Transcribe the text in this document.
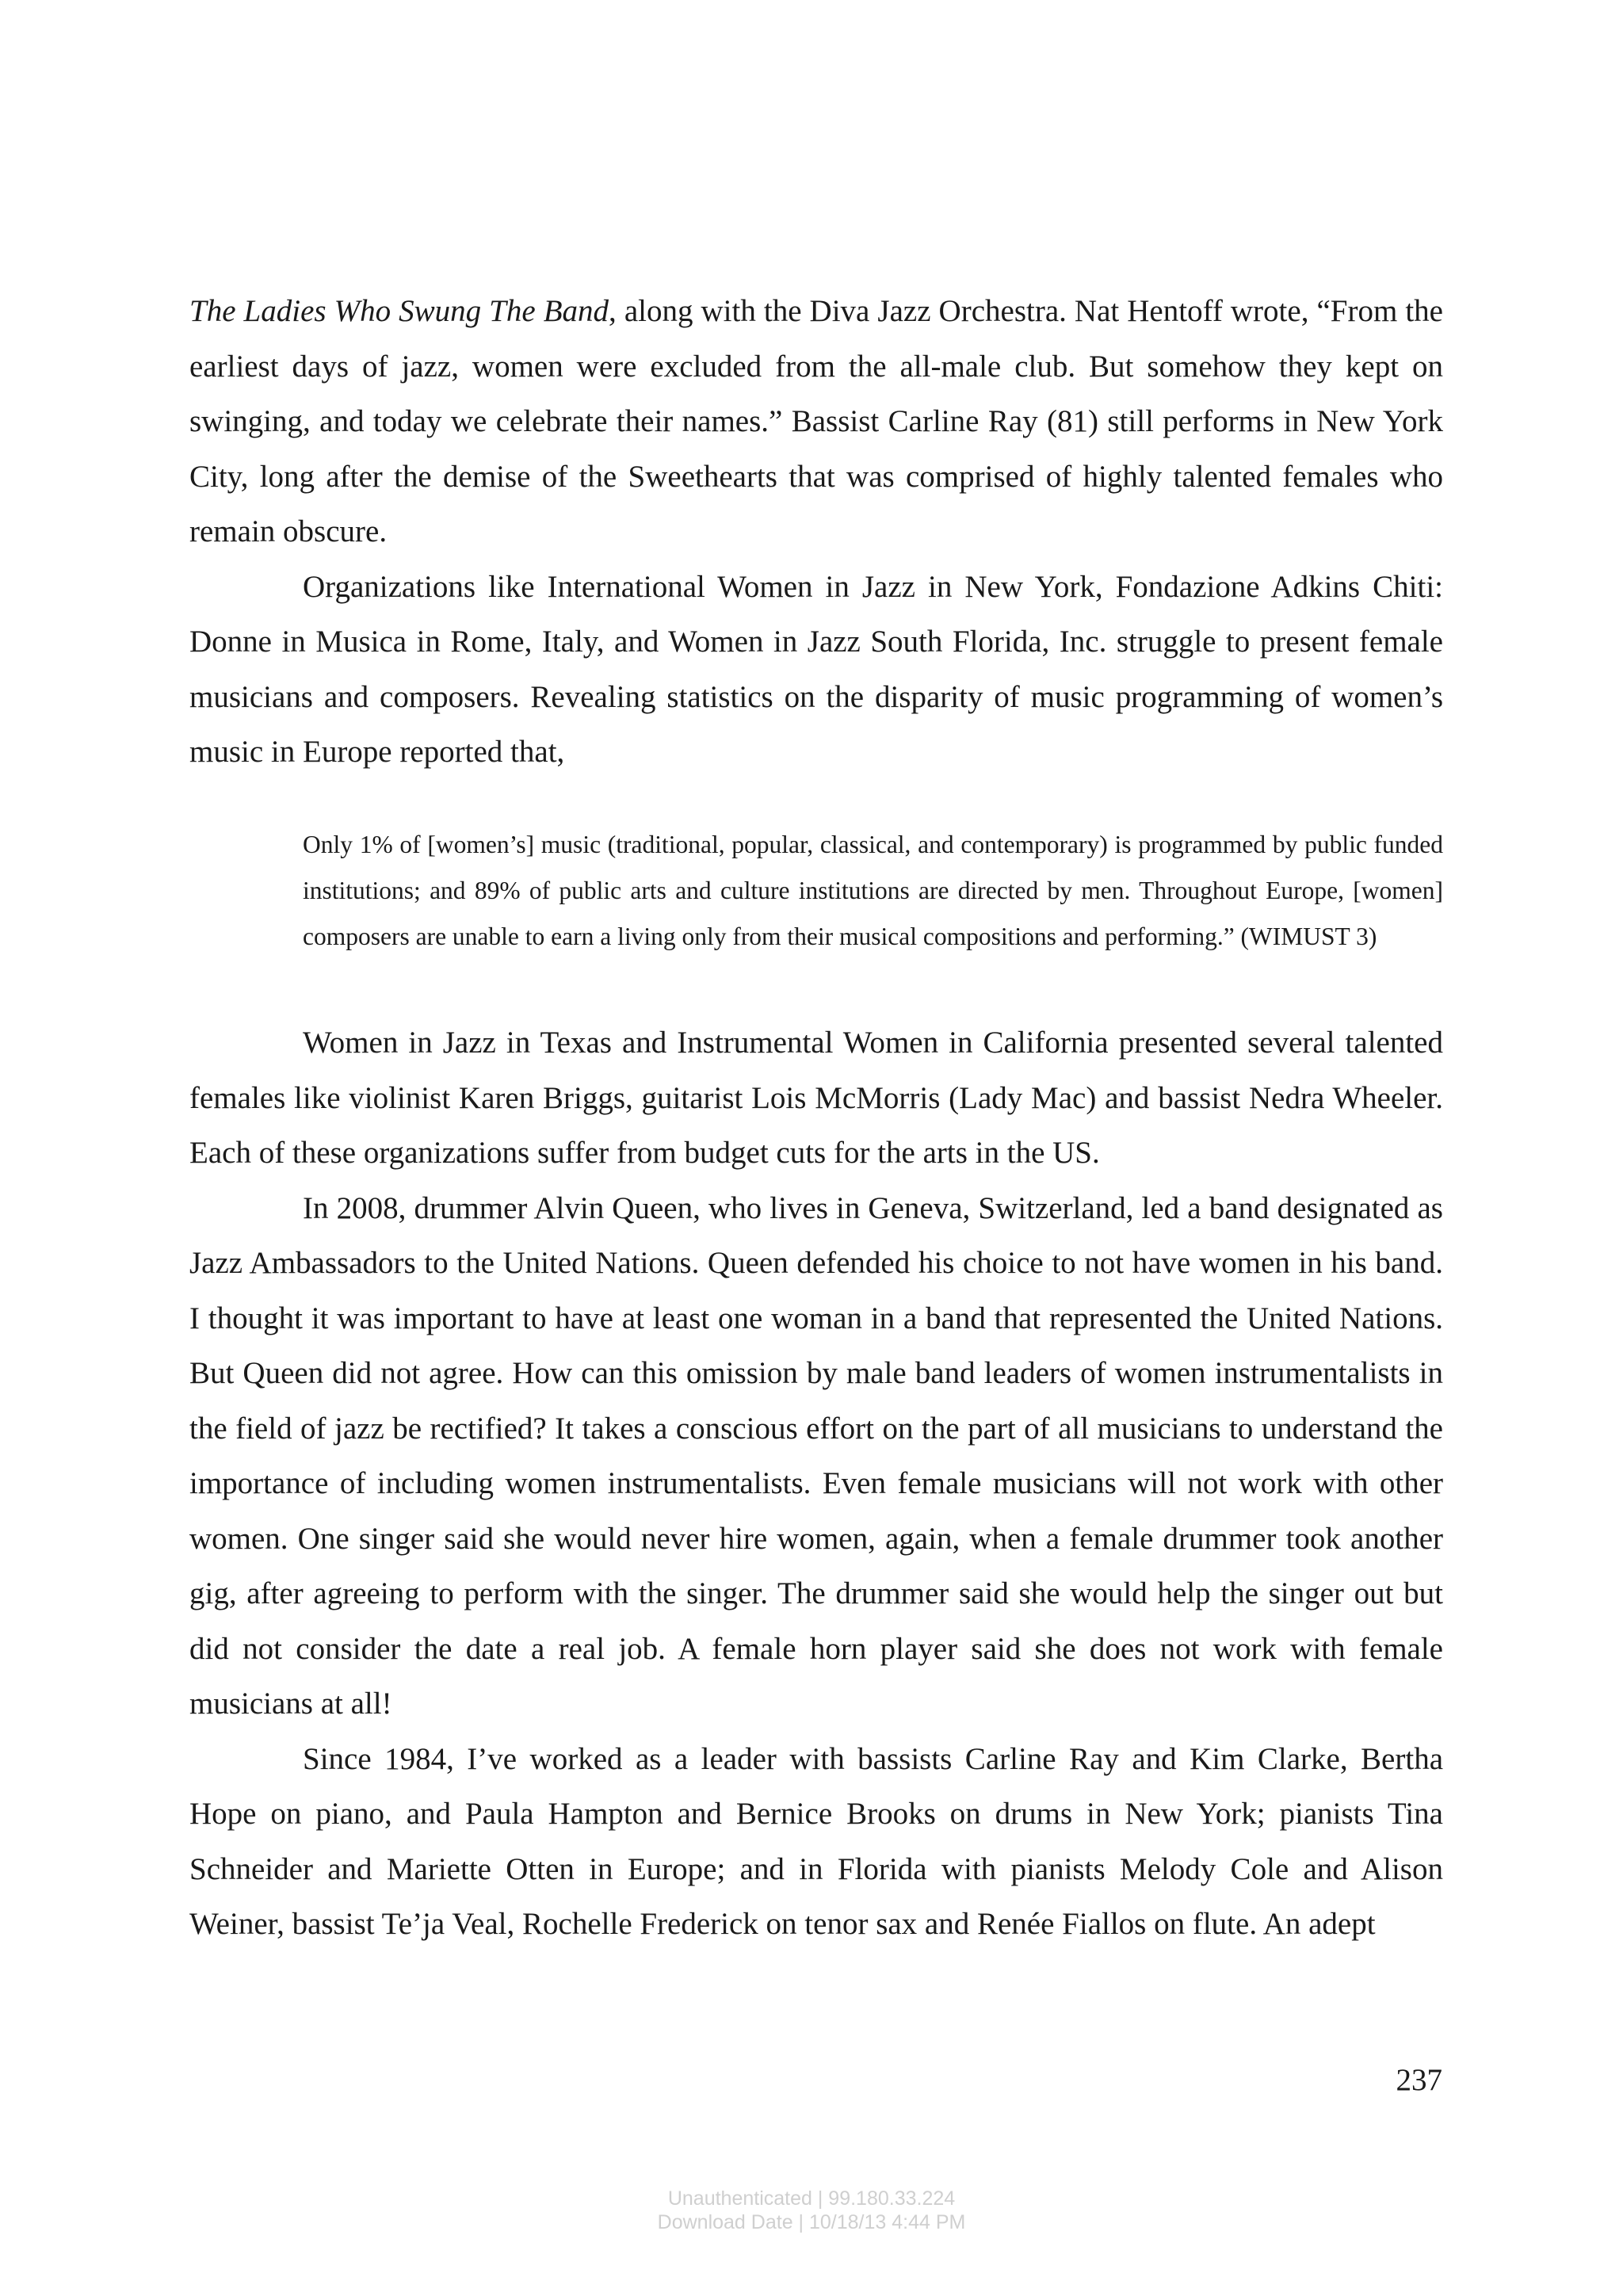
The Ladies Who Swung The Band, along with the Diva Jazz Orchestra. Nat Hentoff wrote, “From the earliest days of jazz, women were excluded from the all-male club. But somehow they kept on swinging, and today we celebrate their names.” Bassist Carline Ray (81) still performs in New York City, long after the demise of the Sweethearts that was comprised of highly talented females who remain obscure.

Organizations like International Women in Jazz in New York, Fondazione Adkins Chiti: Donne in Musica in Rome, Italy, and Women in Jazz South Florida, Inc. struggle to present female musicians and composers. Revealing statistics on the disparity of music programming of women’s music in Europe reported that,

Only 1% of [women’s] music (traditional, popular, classical, and contemporary) is programmed by public funded institutions; and 89% of public arts and culture institutions are directed by men. Throughout Europe, [women] composers are unable to earn a living only from their musical compositions and performing.” (WIMUST 3)

Women in Jazz in Texas and Instrumental Women in California presented several talented females like violinist Karen Briggs, guitarist Lois McMorris (Lady Mac) and bassist Nedra Wheeler. Each of these organizations suffer from budget cuts for the arts in the US.

In 2008, drummer Alvin Queen, who lives in Geneva, Switzerland, led a band designated as Jazz Ambassadors to the United Nations. Queen defended his choice to not have women in his band. I thought it was important to have at least one woman in a band that represented the United Nations. But Queen did not agree. How can this omission by male band leaders of women instrumentalists in the field of jazz be rectified? It takes a conscious effort on the part of all musicians to understand the importance of including women instrumentalists. Even female musicians will not work with other women. One singer said she would never hire women, again, when a female drummer took another gig, after agreeing to perform with the singer. The drummer said she would help the singer out but did not consider the date a real job. A female horn player said she does not work with female musicians at all!

Since 1984, I’ve worked as a leader with bassists Carline Ray and Kim Clarke, Bertha Hope on piano, and Paula Hampton and Bernice Brooks on drums in New York; pianists Tina Schneider and Mariette Otten in Europe; and in Florida with pianists Melody Cole and Alison Weiner, bassist Te’ja Veal, Rochelle Frederick on tenor sax and Renée Fiallos on flute. An adept

237
Unauthenticated | 99.180.33.224
Download Date | 10/18/13 4:44 PM
